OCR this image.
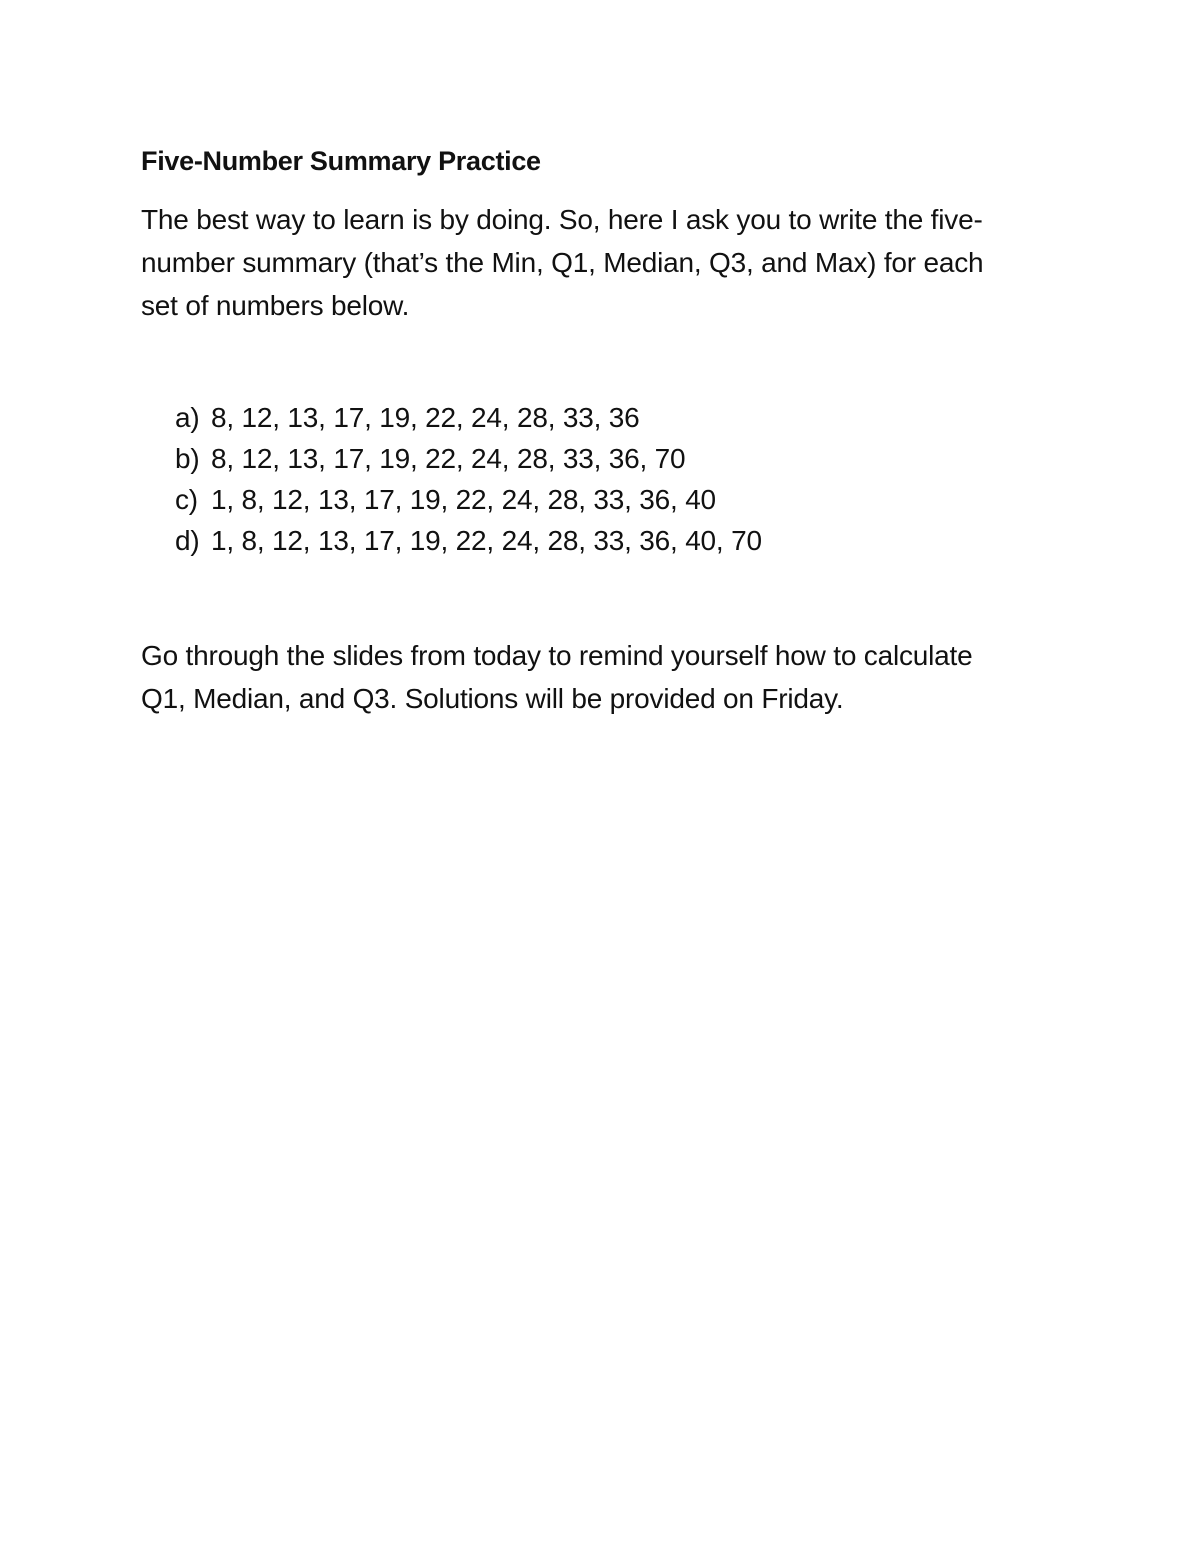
Five-Number Summary Practice
The best way to learn is by doing. So, here I ask you to write the five-
number summary (that’s the Min, Q1, Median, Q3, and Max) for each
set of numbers below.
a) 8, 12, 13, 17, 19, 22, 24, 28, 33, 36
b) 8, 12, 13, 17, 19, 22, 24, 28, 33, 36, 70
c) 1, 8, 12, 13, 17, 19, 22, 24, 28, 33, 36, 40
d) 1, 8, 12, 13, 17, 19, 22, 24, 28, 33, 36, 40, 70
Go through the slides from today to remind yourself how to calculate
Q1, Median, and Q3. Solutions will be provided on Friday.
